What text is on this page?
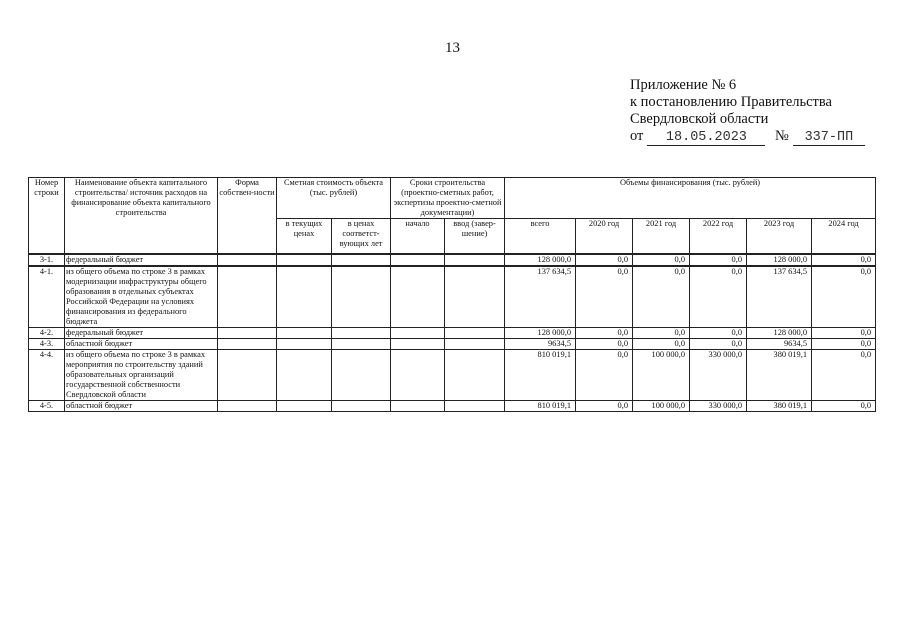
13
Приложение № 6
к постановлению Правительства
Свердловской области
от 18.05.2023 № 337-ПП
Номер строки	Наименование объекта капитального строительства/ источник расходов на финансирование объекта капитального строительства	Форма собствен-ности	Сметная стоимость объекта (тыс. рублей)		Сроки строительства (проектно-сметных работ, экспертизы проектно-сметной документации)		Объемы финансирования (тыс. рублей)					
			в текущих ценах	в ценах соответст-вующих лет	начало	ввод (завер-шение)	всего	2020 год	2021 год	2022 год	2023 год	2024 год
3-1.	федеральный бюджет						128 000,0	0,0	0,0	0,0	128 000,0	0,0
4-1.	из общего объема по строке 3 в рамках модернизации инфраструктуры общего образования в отдельных субъектах Российской Федерации на условиях финансирования из федерального бюджета						137 634,5	0,0	0,0	0,0	137 634,5	0,0
4-2.	федеральный бюджет						128 000,0	0,0	0,0	0,0	128 000,0	0,0
4-3.	областной бюджет						9634,5	0,0	0,0	0,0	9634,5	0,0
4-4.	из общего объема по строке 3 в рамках мероприятия по строительству зданий образовательных организаций государственной собственности Свердловской области						810 019,1	0,0	100 000,0	330 000,0	380 019,1	0,0
4-5.	областной бюджет						810 019,1	0,0	100 000,0	330 000,0	380 019,1	0,0
